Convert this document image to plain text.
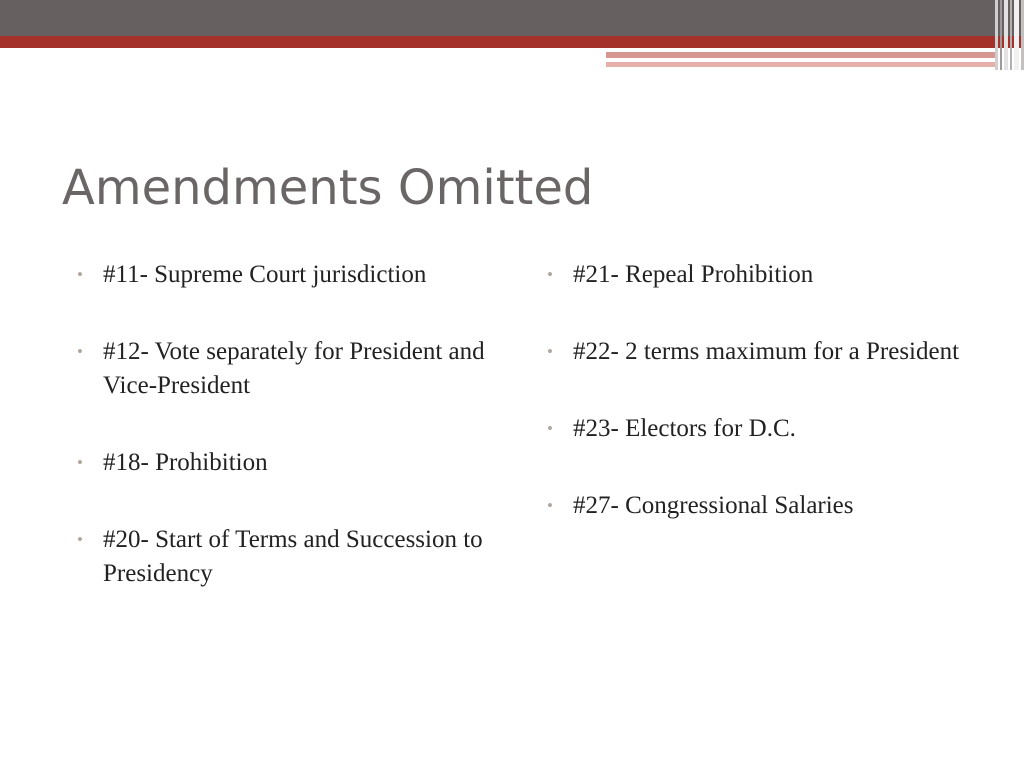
Amendments Omitted
• #11- Supreme Court jurisdiction
• #12- Vote separately for President and Vice-President
• #18- Prohibition
• #20- Start of Terms and Succession to Presidency
• #21- Repeal Prohibition
• #22- 2 terms maximum for a President
• #23- Electors for D.C.
• #27- Congressional Salaries
